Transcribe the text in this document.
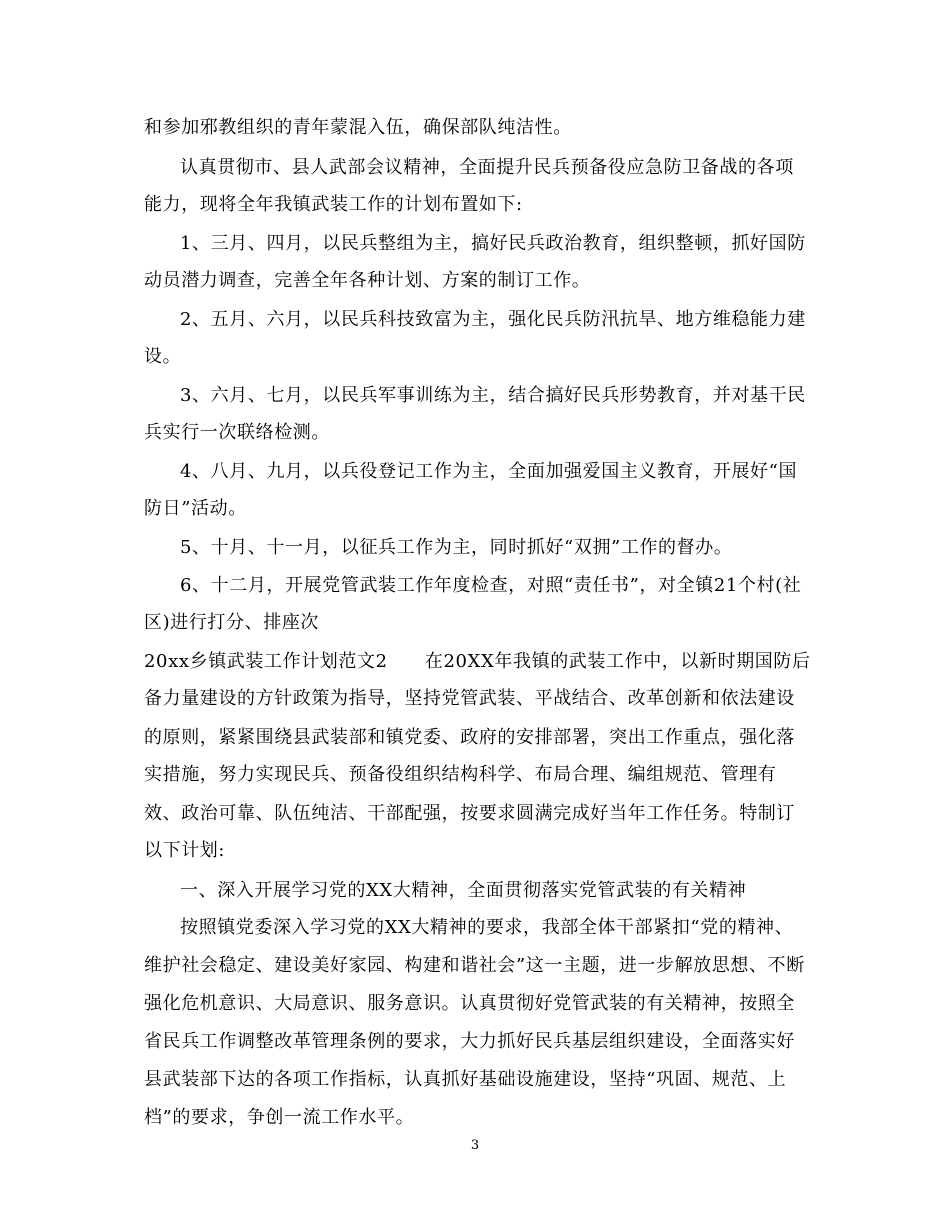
和参加邪教组织的青年蒙混入伍，确保部队纯洁性。
认真贯彻市、县人武部会议精神，全面提升民兵预备役应急防卫备战的各项
能力，现将全年我镇武装工作的计划布置如下:
1、三月、四月，以民兵整组为主，搞好民兵政治教育，组织整顿，抓好国防
动员潜力调查，完善全年各种计划、方案的制订工作。
2、五月、六月，以民兵科技致富为主，强化民兵防汛抗旱、地方维稳能力建
设。
3、六月、七月，以民兵军事训练为主，结合搞好民兵形势教育，并对基干民
兵实行一次联络检测。
4、八月、九月，以兵役登记工作为主，全面加强爱国主义教育，开展好“国
防日”活动。
5、十月、十一月，以征兵工作为主，同时抓好“双拥”工作的督办。
6、十二月，开展党管武装工作年度检查，对照“责任书”，对全镇21个村(社
区)进行打分、排座次
20xx乡镇武装工作计划范文2　　在20XX年我镇的武装工作中，以新时期国防后
备力量建设的方针政策为指导，坚持党管武装、平战结合、改革创新和依法建设
的原则，紧紧围绕县武装部和镇党委、政府的安排部署，突出工作重点，强化落
实措施，努力实现民兵、预备役组织结构科学、布局合理、编组规范、管理有
效、政治可靠、队伍纯洁、干部配强，按要求圆满完成好当年工作任务。特制订
以下计划:
一、深入开展学习党的XX大精神，全面贯彻落实党管武装的有关精神
按照镇党委深入学习党的XX大精神的要求，我部全体干部紧扣“党的精神、
维护社会稳定、建设美好家园、构建和谐社会”这一主题，进一步解放思想、不断
强化危机意识、大局意识、服务意识。认真贯彻好党管武装的有关精神，按照全
省民兵工作调整改革管理条例的要求，大力抓好民兵基层组织建设，全面落实好
县武装部下达的各项工作指标，认真抓好基础设施建设，坚持“巩固、规范、上
档”的要求，争创一流工作水平。
3
